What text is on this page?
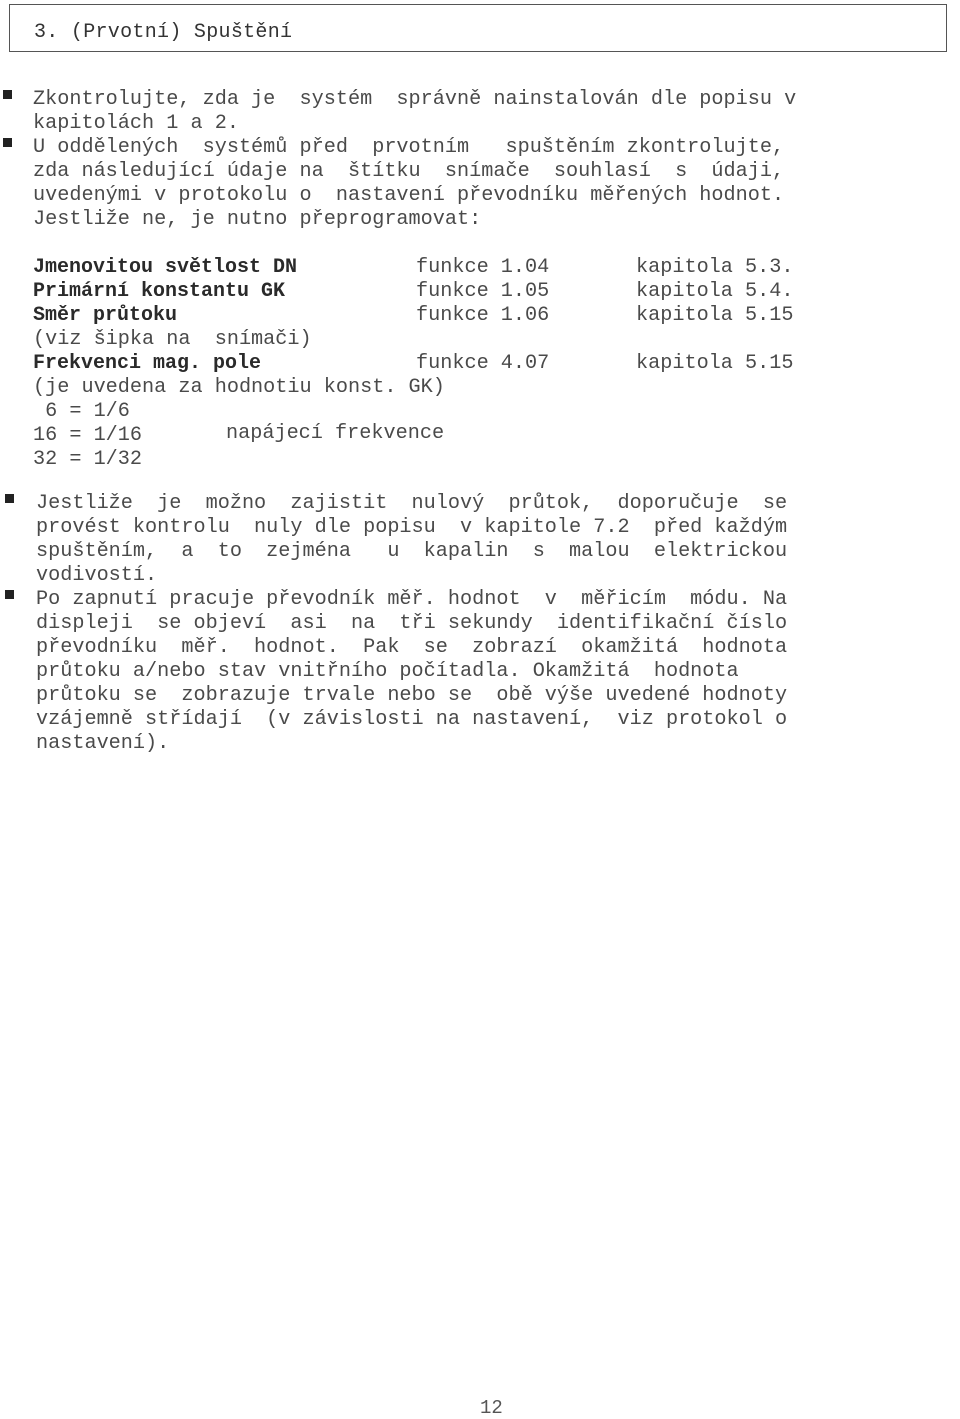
3. (Prvotní) Spuštění
Zkontrolujte, zda je  systém  správně nainstalován dle popisu v
kapitolách 1 a 2.
U oddělených  systémů před  prvotním   spuštěním zkontrolujte,
zda následující údaje na  štítku  snímače  souhlasí  s  údaji,
uvedenými v protokolu o  nastavení převodníku měřených hodnot.
Jestliže ne, je nutno přeprogramovat:
Jmenovitou světlost DN	funkce 1.04	kapitola 5.3.
Primární konstantu GK	funkce 1.05	kapitola 5.4.
Směr průtoku	funkce 1.06	kapitola 5.15
(viz šipka na  snímači)
Frekvenci mag. pole	funkce 4.07	kapitola 5.15
(je uvedena za hodnotiu konst. GK)
6 = 1/6
16 = 1/16	napájecí frekvence
32 = 1/32
Jestliže  je  možno  zajistit  nulový  průtok,  doporučuje  se
provést kontrolu  nuly dle popisu  v kapitole 7.2  před každým
spuštěním,  a  to  zejména   u  kapalin  s  malou  elektrickou
vodivostí.
Po zapnutí pracuje převodník měř. hodnot  v  měřicím  módu. Na
displeji  se objeví  asi  na  tři sekundy  identifikační číslo
převodníku  měř.  hodnot.  Pak  se  zobrazí  okamžitá  hodnota
průtoku a/nebo stav vnitřního počítadla. Okamžitá  hodnota
průtoku se  zobrazuje trvale nebo se  obě výše uvedené hodnoty
vzájemně střídají  (v závislosti na nastavení,  viz protokol o
nastavení).
12
